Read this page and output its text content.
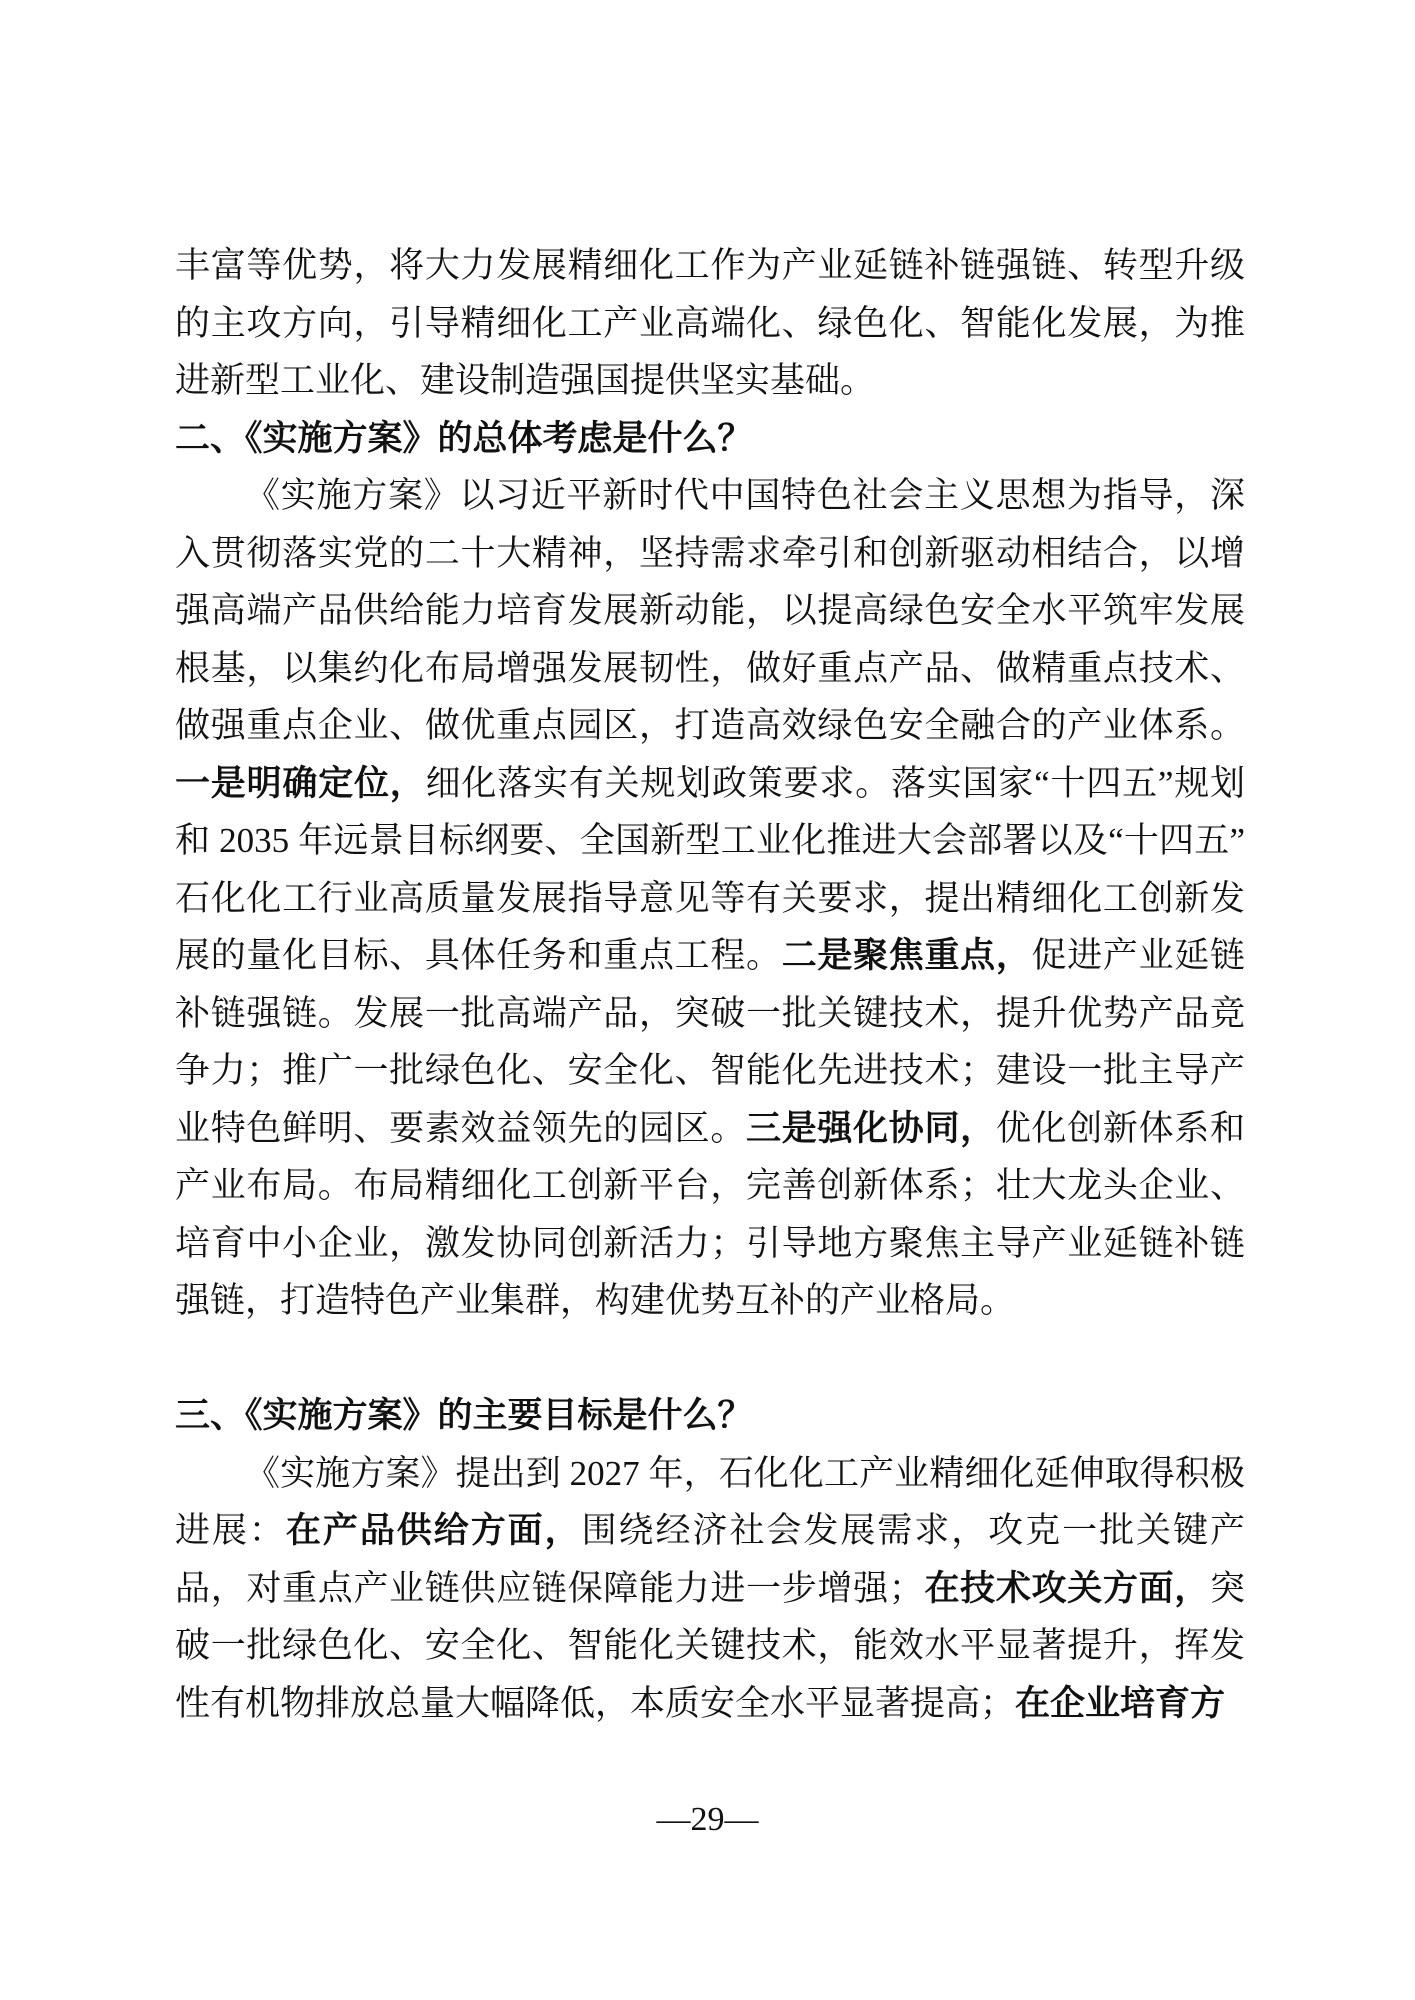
丰富等优势，将大力发展精细化工作为产业延链补链强链、转型升级的主攻方向，引导精细化工产业高端化、绿色化、智能化发展，为推进新型工业化、建设制造强国提供坚实基础。

二、《实施方案》的总体考虑是什么？

《实施方案》以习近平新时代中国特色社会主义思想为指导，深入贯彻落实党的二十大精神，坚持需求牵引和创新驱动相结合，以增强高端产品供给能力培育发展新动能，以提高绿色安全水平筑牢发展根基，以集约化布局增强发展韧性，做好重点产品、做精重点技术、做强重点企业、做优重点园区，打造高效绿色安全融合的产业体系。一是明确定位，细化落实有关规划政策要求。落实国家“十四五”规划和 2035 年远景目标纲要、全国新型工业化推进大会部署以及“十四五”石化化工行业高质量发展指导意见等有关要求，提出精细化工创新发展的量化目标、具体任务和重点工程。二是聚焦重点，促进产业延链补链强链。发展一批高端产品，突破一批关键技术，提升优势产品竞争力；推广一批绿色化、安全化、智能化先进技术；建设一批主导产业特色鲜明、要素效益领先的园区。三是强化协同，优化创新体系和产业布局。布局精细化工创新平台，完善创新体系；壮大龙头企业、培育中小企业，激发协同创新活力；引导地方聚焦主导产业延链补链强链，打造特色产业集群，构建优势互补的产业格局。

三、《实施方案》的主要目标是什么？

《实施方案》提出到 2027 年，石化化工产业精细化延伸取得积极进展：在产品供给方面，围绕经济社会发展需求，攻克一批关键产品，对重点产业链供应链保障能力进一步增强；在技术攻关方面，突破一批绿色化、安全化、智能化关键技术，能效水平显著提升，挥发性有机物排放总量大幅降低，本质安全水平显著提高；在企业培育方

—29—
